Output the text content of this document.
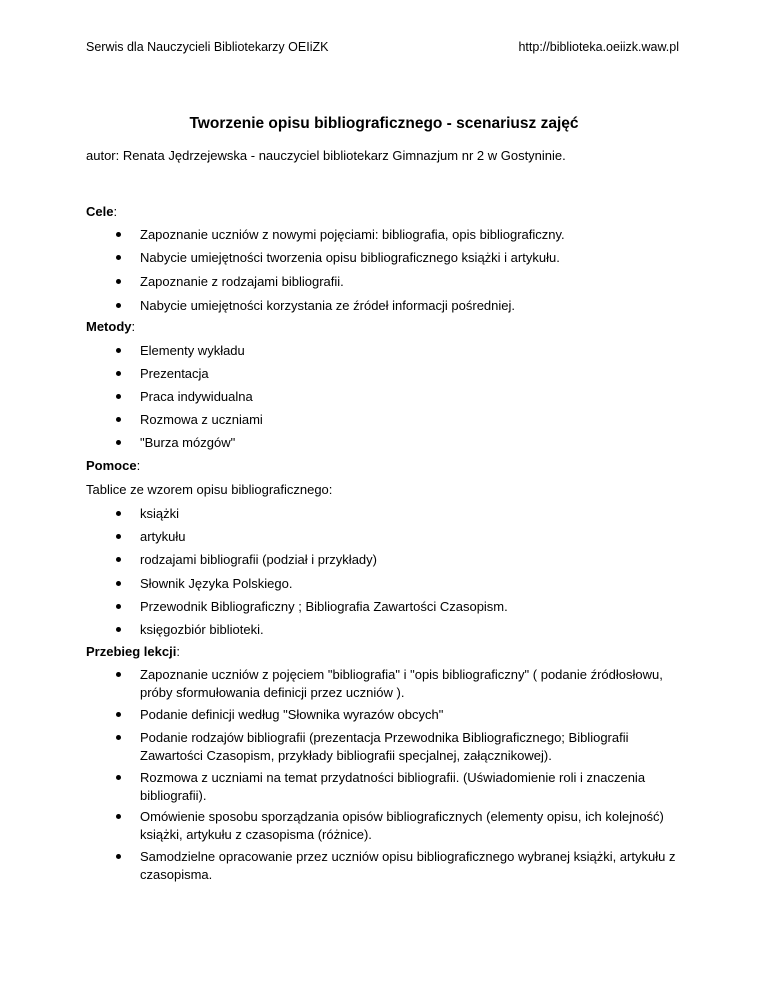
Serwis dla Nauczycieli Bibliotekarzy OEIiZK	http://biblioteka.oeiizk.waw.pl
Tworzenie opisu bibliograficznego - scenariusz zajęć
autor: Renata Jędrzejewska - nauczyciel bibliotekarz Gimnazjum nr 2 w Gostyninie.
Cele:
Zapoznanie uczniów z nowymi pojęciami: bibliografia, opis bibliograficzny.
Nabycie umiejętności tworzenia opisu bibliograficznego książki i artykułu.
Zapoznanie z rodzajami bibliografii.
Nabycie umiejętności korzystania ze źródeł informacji pośredniej.
Metody:
Elementy wykładu
Prezentacja
Praca indywidualna
Rozmowa z uczniami
"Burza mózgów"
Pomoce:
Tablice ze wzorem opisu bibliograficznego:
książki
artykułu
rodzajami bibliografii (podział i przykłady)
Słownik Języka Polskiego.
Przewodnik Bibliograficzny ; Bibliografia Zawartości Czasopism.
księgozbiór biblioteki.
Przebieg lekcji:
Zapoznanie uczniów z pojęciem "bibliografia" i "opis bibliograficzny" ( podanie źródłosłowu, próby sformułowania definicji przez uczniów ).
Podanie definicji według "Słownika wyrazów obcych"
Podanie rodzajów bibliografii (prezentacja Przewodnika Bibliograficznego; Bibliografii Zawartości Czasopism, przykłady bibliografii specjalnej, załącznikowej).
Rozmowa z uczniami na temat przydatności bibliografii. (Uświadomienie roli i znaczenia bibliografii).
Omówienie sposobu sporządzania opisów bibliograficznych (elementy opisu, ich kolejność) książki, artykułu z czasopisma (różnice).
Samodzielne opracowanie przez uczniów opisu bibliograficznego wybranej książki, artykułu z czasopisma.
